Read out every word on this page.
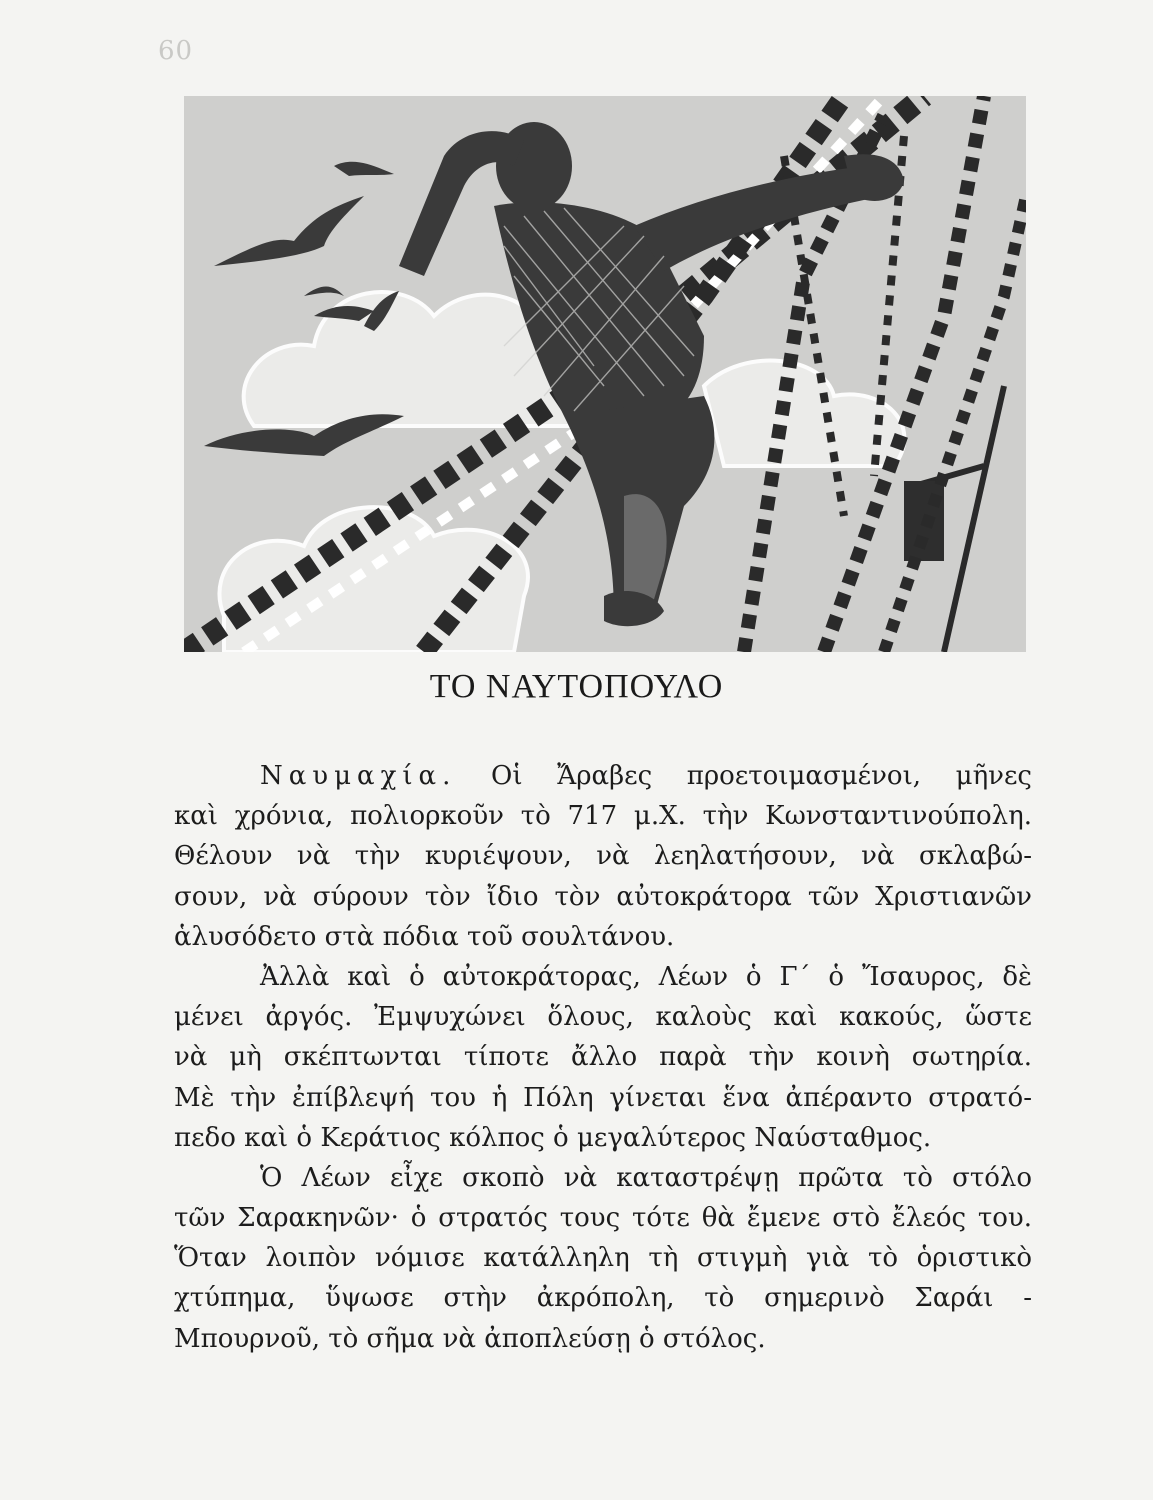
60
ΤΟ ΝΑΥΤΟΠΟΥΛΟ
Ναυμαχία. Οἱ Ἄραβες προετοιμασμένοι, μῆνες
καὶ χρόνια, πολιορκοῦν τὸ 717 μ.Χ. τὴν Κωνσταντινούπολη.
Θέλουν νὰ τὴν κυριέψουν, νὰ λεηλατήσουν, νὰ σκλαβώ-
σουν, νὰ σύρουν τὸν ἴδιο τὸν αὐτοκράτορα τῶν Χριστιανῶν
ἁλυσόδετο στὰ πόδια τοῦ σουλτάνου.
Ἀλλὰ καὶ ὁ αὐτοκράτορας, Λέων ὁ Γ΄ ὁ Ἴσαυρος, δὲ
μένει ἀργός. Ἐμψυχώνει ὅλους, καλοὺς καὶ κακούς, ὥστε
νὰ μὴ σκέπτωνται τίποτε ἄλλο παρὰ τὴν κοινὴ σωτηρία.
Μὲ τὴν ἐπίβλεψή του ἡ Πόλη γίνεται ἕνα ἀπέραντο στρατό-
πεδο καὶ ὁ Κεράτιος κόλπος ὁ μεγαλύτερος Ναύσταθμος.
Ὁ Λέων εἶχε σκοπὸ νὰ καταστρέψῃ πρῶτα τὸ στόλο
τῶν Σαρακηνῶν· ὁ στρατός τους τότε θὰ ἔμενε στὸ ἔλεός του.
Ὅταν λοιπὸν νόμισε κατάλληλη τὴ στιγμὴ γιὰ τὸ ὁριστικὸ
χτύπημα, ὕψωσε στὴν ἀκρόπολη, τὸ σημερινὸ Σαράι -
Μπουρνοῦ, τὸ σῆμα νὰ ἀποπλεύσῃ ὁ στόλος.
